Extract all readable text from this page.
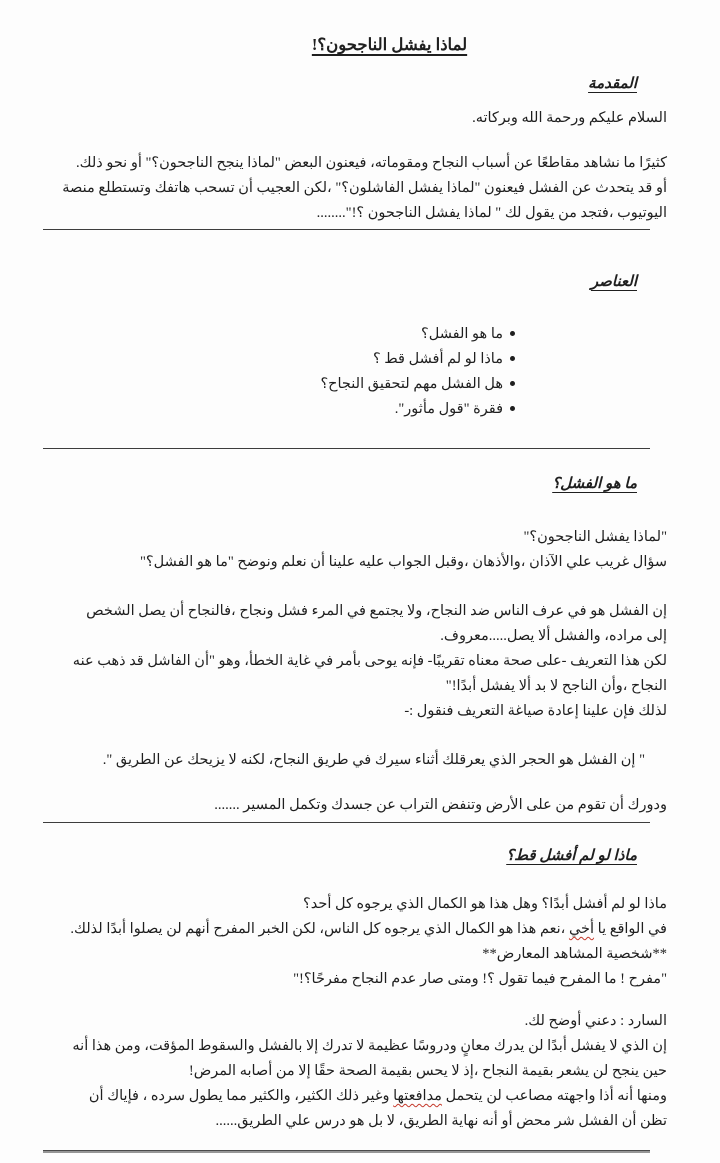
لماذا يفشل الناجحون؟!
المقدمة
السلام عليكم ورحمة الله وبركاته.
كثيرًا ما نشاهد مقاطعًا عن أسباب النجاح ومقوماته، فيعنون البعض "لماذا ينجح الناجحون؟" أو نحو ذلك.
أو قد يتحدث عن الفشل فيعنون "لماذا يفشل الفاشلون؟" ،لكن العجيب أن تسحب هاتفك وتستطلع منصة
اليوتيوب ،فتجد من يقول لك " لماذا يفشل الناجحون ؟!"........
العناصر
ما هو الفشل؟
ماذا لو لم أفشل قط ؟
هل الفشل مهم لتحقيق النجاح؟
فقرة "قول مأثور".
ما هو الفشل؟
"لماذا يفشل الناجحون؟"
سؤال غريب علي الآذان ،والأذهان ،وقبل الجواب عليه علينا أن نعلم ونوضح "ما هو الفشل؟"
إن الفشل هو في عرف الناس ضد النجاح، ولا يجتمع في المرء فشل ونجاح ،فالنجاح أن يصل الشخص
إلى مراده، والفشل ألا يصل.....معروف.
لكن هذا التعريف -على صحة معناه تقريبًا- فإنه يوحى بأمر في غاية الخطأ، وهو "أن الفاشل قد ذهب عنه
النجاح ،وأن الناجح لا بد ألا يفشل أبدًا!"
لذلك فإن علينا إعادة صياغة التعريف فنقول :-
" إن الفشل هو الحجر الذي يعرقلك أثناء سيرك في طريق النجاح، لكنه لا يزيحك عن الطريق ".
ودورك أن تقوم من على الأرض وتنفض التراب عن جسدك وتكمل المسير .......
ماذا لو لم أفشل قط؟
ماذا لو لم أفشل أبدًا؟ وهل هذا هو الكمال الذي يرجوه كل أحد؟
في الواقع يا أخي ،نعم هذا هو الكمال الذي يرجوه كل الناس، لكن الخبر المفرح أنهم لن يصلوا أبدًا لذلك.
**شخصية المشاهد المعارض**
"مفرح ! ما المفرح فيما تقول ؟! ومتى صار عدم النجاح مفرحًا؟!"
السارد : دعني أوضح لك.
إن الذي لا يفشل أبدًا لن يدرك معانٍ ودروسًا عظيمة لا تدرك إلا بالفشل والسقوط المؤقت، ومن هذا أنه
حين ينجح لن يشعر بقيمة النجاح ،إذ لا يحس بقيمة الصحة حقًا إلا من أصابه المرض!
ومنها أنه أذا واجهته مصاعب لن يتحمل مدافعتها وغير ذلك الكثير، والكثير مما يطول سرده ، فإياك أن
تظن أن الفشل شر محض أو أنه نهاية الطريق، لا بل هو درس علي الطريق......
